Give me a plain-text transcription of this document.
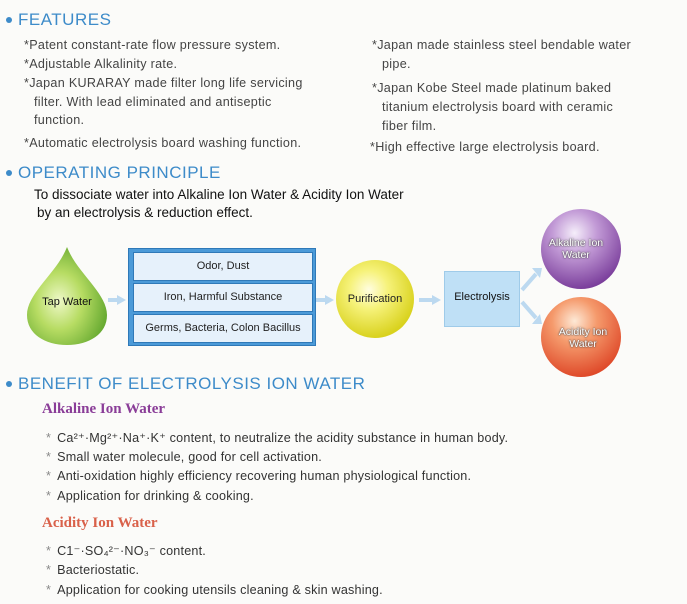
FEATURES
*Patent constant-rate flow pressure system.
*Adjustable Alkalinity rate.
*Japan KURARAY made filter long life servicing
filter. With lead eliminated and antiseptic
function.
*Automatic electrolysis board washing function.
*Japan made stainless steel bendable water
pipe.
*Japan Kobe Steel made platinum baked
titanium electrolysis board with ceramic
fiber film.
*High effective large electrolysis board.
OPERATING PRINCIPLE
To dissociate water into Alkaline Ion Water & Acidity Ion Water
by an electrolysis & reduction effect.
Tap Water
Odor, Dust
Iron, Harmful Substance
Germs, Bacteria, Colon Bacillus
Purification	Electrolysis
Alkaline Ion Water
Acidity Ion Water
BENEFIT OF ELECTROLYSIS ION WATER
Alkaline Ion Water
* Ca²⁺·Mg²⁺·Na⁺·K⁺ content, to neutralize the acidity substance in human body.
* Small water molecule, good for cell activation.
* Anti-oxidation highly efficiency recovering human physiological function.
* Application for drinking & cooking.
Acidity Ion Water
* C1⁻·SO₄²⁻·NO₃⁻ content.
* Bacteriostatic.
* Application for cooking utensils cleaning & skin washing.
